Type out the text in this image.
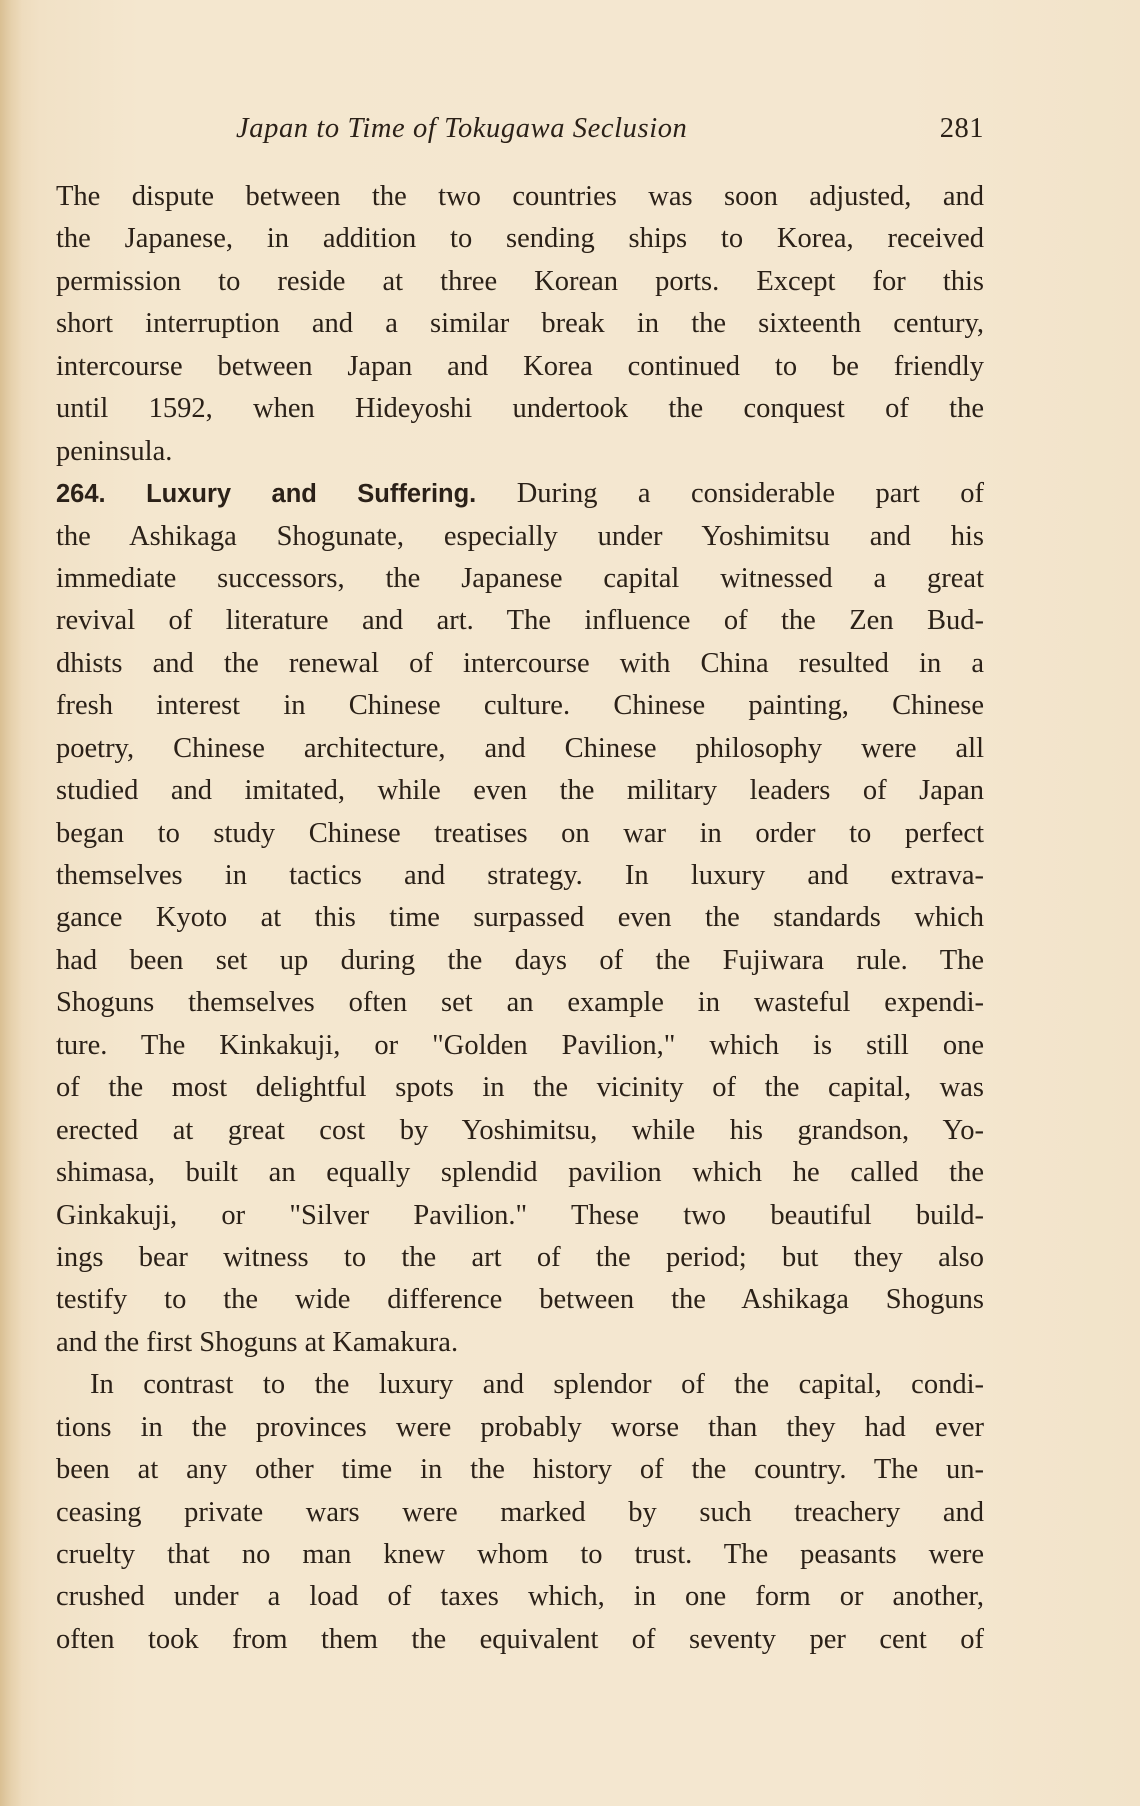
Japan to Time of Tokugawa Seclusion	281
The dispute between the two countries was soon adjusted, and
the Japanese, in addition to sending ships to Korea, received
permission to reside at three Korean ports. Except for this
short interruption and a similar break in the sixteenth century,
intercourse between Japan and Korea continued to be friendly
until 1592, when Hideyoshi undertook the conquest of the
peninsula.
264. Luxury and Suffering. During a considerable part of
the Ashikaga Shogunate, especially under Yoshimitsu and his
immediate successors, the Japanese capital witnessed a great
revival of literature and art. The influence of the Zen Bud-
dhists and the renewal of intercourse with China resulted in a
fresh interest in Chinese culture. Chinese painting, Chinese
poetry, Chinese architecture, and Chinese philosophy were all
studied and imitated, while even the military leaders of Japan
began to study Chinese treatises on war in order to perfect
themselves in tactics and strategy. In luxury and extrava-
gance Kyoto at this time surpassed even the standards which
had been set up during the days of the Fujiwara rule. The
Shoguns themselves often set an example in wasteful expendi-
ture. The Kinkakuji, or "Golden Pavilion," which is still one
of the most delightful spots in the vicinity of the capital, was
erected at great cost by Yoshimitsu, while his grandson, Yo-
shimasa, built an equally splendid pavilion which he called the
Ginkakuji, or "Silver Pavilion." These two beautiful build-
ings bear witness to the art of the period; but they also
testify to the wide difference between the Ashikaga Shoguns
and the first Shoguns at Kamakura.
In contrast to the luxury and splendor of the capital, condi-
tions in the provinces were probably worse than they had ever
been at any other time in the history of the country. The un-
ceasing private wars were marked by such treachery and
cruelty that no man knew whom to trust. The peasants were
crushed under a load of taxes which, in one form or another,
often took from them the equivalent of seventy per cent of
